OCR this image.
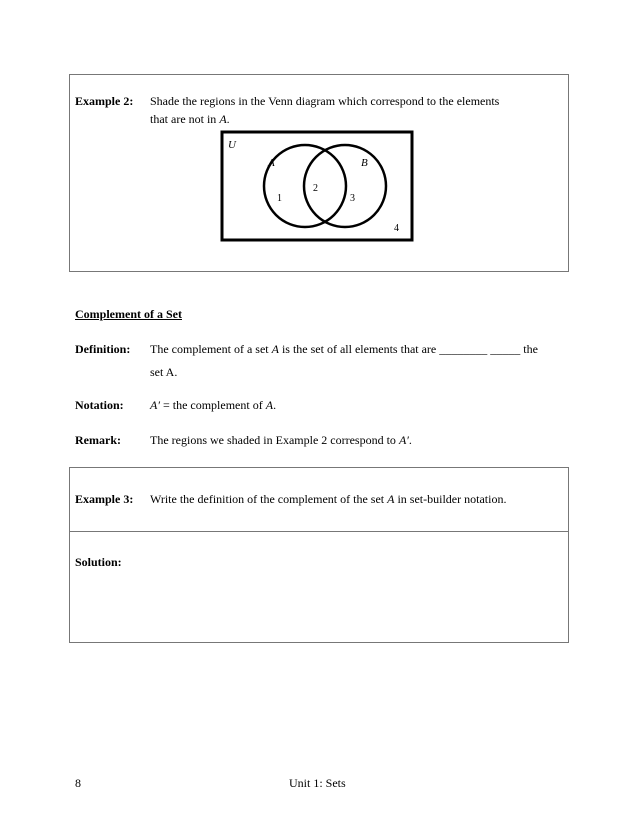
Example 2: Shade the regions in the Venn diagram which correspond to the elements
that are not in A.
U
A	B
1
2
3
4
Complement of a Set
Definition: The complement of a set A is the set of all elements that are ________ _____ the
set A.
Notation: A′ = the complement of A.
Remark: The regions we shaded in Example 2 correspond to A′.
Example 3: Write the definition of the complement of the set A in set-builder notation.
Solution:
8	Unit 1: Sets
